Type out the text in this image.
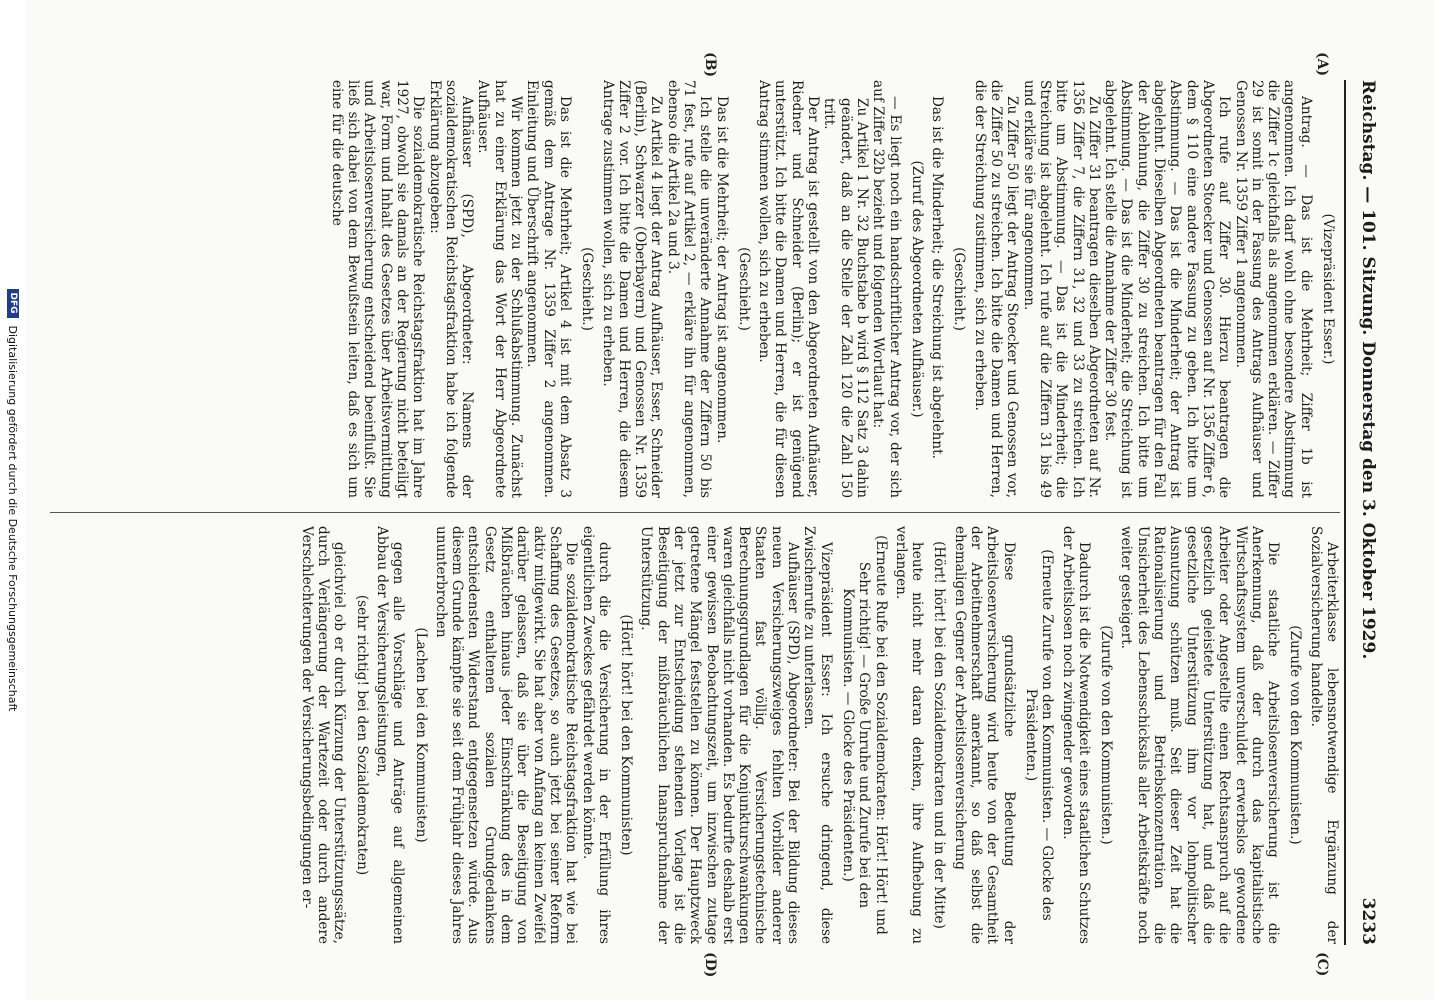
Reichstag. — 101. Sitzung. Donnerstag den 3. Oktober 1929.
3233
(A)
(B)
(C)
(D)

(Vizepräsident Esser.)

Antrag. — Das ist die Mehrheit; Ziffer 1b ist angenommen. Ich darf wohl ohne besondere Abstimmung die Ziffer 1c gleichfalls als angenommen erklären. — Ziffer 29 ist somit in der Fassung des Antrags Aufhäuser und Genossen Nr. 1359 Ziffer 1 angenommen.

Ich rufe auf Ziffer 30. Hierzu beantragen die Abgeordneten Stoecker und Genossen auf Nr. 1356 Ziffer 6, dem § 110 eine andere Fassung zu geben. Ich bitte um Abstimmung. — Das ist die Minderheit; der Antrag ist abgelehnt. Dieselben Abgeordneten beantragen für den Fall der Ablehnung, die Ziffer 30 zu streichen. Ich bitte um Abstimmung. — Das ist die Minderheit; die Streichung ist abgelehnt. Ich stelle die Annahme der Ziffer 30 fest.

Zu Ziffer 31 beantragen dieselben Abgeordneten auf Nr. 1356 Ziffer 7, die Ziffern 31, 32 und 33 zu streichen. Ich bitte um Abstimmung. — Das ist die Minderheit; die Streichung ist abgelehnt. Ich rufe auf die Ziffern 31 bis 49 und erkläre sie für angenommen.

Zu Ziffer 50 liegt der Antrag Stoecker und Genossen vor, die Ziffer 50 zu streichen. Ich bitte die Damen und Herren, die der Streichung zustimmen, sich zu erheben.

(Geschieht.)

Das ist die Minderheit; die Streichung ist abgelehnt.

(Zuruf des Abgeordneten Aufhäuser.)

— Es liegt noch ein handschriftlicher Antrag vor, der sich auf Ziffer 32b bezieht und folgenden Wortlaut hat:

Zu Artikel 1 Nr. 32 Buchstabe b wird § 112 Satz 3 dahin geändert, daß an die Stelle der Zahl 120 die Zahl 150 tritt.

Der Antrag ist gestellt von den Abgeordneten Aufhäuser, Riedner und Schneider (Berlin); er ist genügend unterstützt. Ich bitte die Damen und Herren, die für diesen Antrag stimmen wollen, sich zu erheben.

(Geschieht.)

Das ist die Mehrheit; der Antrag ist angenommen.

Ich stelle die unveränderte Annahme der Ziffern 50 bis 71 fest, rufe auf Artikel 2, — erkläre ihn für angenommen, ebenso die Artikel 2a und 3.

Zu Artikel 4 liegt der Antrag Aufhäuser, Esser, Schneider (Berlin), Schwarzer (Oberbayern) und Genossen Nr. 1359 Ziffer 2 vor. Ich bitte die Damen und Herren, die diesem Antrage zustimmen wollen, sich zu erheben.

(Geschieht.)

Das ist die Mehrheit; Artikel 4 ist mit dem Absatz 3 gemäß dem Antrage Nr. 1359 Ziffer 2 angenommen. Einleitung und Überschrift angenommen.

Wir kommen jetzt zu der Schlußabstimmung. Zunächst hat zu einer Erklärung das Wort der Herr Abgeordnete Aufhäuser.

Aufhäuser (SPD), Abgeordneter: Namens der sozialdemokratischen Reichstagsfraktion habe ich folgende Erklärung abzugeben:

Die sozialdemokratische Reichstagsfraktion hat im Jahre 1927, obwohl sie damals an der Regierung nicht beteiligt war, Form und Inhalt des Gesetzes über Arbeitsvermittlung und Arbeitslosenversicherung entscheidend beeinflußt. Sie ließ sich dabei von dem Bewußtsein leiten, daß es sich um eine für die deutsche

Arbeiterklasse lebensnotwendige Ergänzung der Sozialversicherung handelte.

(Zurufe von den Kommunisten.)

Die staatliche Arbeitslosenversicherung ist die Anerkennung, daß der durch das kapitalistische Wirtschaftssystem unverschuldet erwerbslos gewordene Arbeiter oder Angestellte einen Rechtsanspruch auf die gesetzlich geleistete Unterstützung hat, und daß die gesetzliche Unterstützung ihm vor lohnpolitischer Ausnutzung schützen muß. Seit dieser Zeit hat die Rationalisierung und Betriebskonzentration die Unsicherheit des Lebensschicksals aller Arbeitskräfte noch weiter gesteigert.

(Zurufe von den Kommunisten.)

Dadurch ist die Notwendigkeit eines staatlichen Schutzes der Arbeitslosen noch zwingender geworden.

(Erneute Zurufe von den Kommunisten. — Glocke des Präsidenten.)

Diese grundsätzliche Bedeutung der Arbeitslosenversicherung wird heute von der Gesamtheit der Arbeitnehmerschaft anerkannt, so daß selbst die ehemaligen Gegner der Arbeitslosenversicherung

(Hört! hört! bei den Sozialdemokraten und in der Mitte)

heute nicht mehr daran denken, ihre Aufhebung zu verlangen.

(Erneute Rufe bei den Sozialdemokraten: Hört! Hört! und Sehr richtig! — Große Unruhe und Zurufe bei den Kommunisten. — Glocke des Präsidenten.)

Vizepräsident Esser: Ich ersuche dringend, diese Zwischenrufe zu unterlassen.

Aufhäuser (SPD), Abgeordneter: Bei der Bildung dieses neuen Versicherungszweiges fehlten Vorbilder anderer Staaten fast völlig. Versicherungstechnische Berechnungsgrundlagen für die Konjunkturschwankungen waren gleichfalls nicht vorhanden. Es bedurfte deshalb erst einer gewissen Beobachtungszeit, um inzwischen zutage getretene Mängel feststellen zu können. Der Hauptzweck der jetzt zur Entscheidung stehenden Vorlage ist die Beseitigung der mißbräuchlichen Inanspruchnahme der Unterstützung.

(Hört! hört! bei den Kommunisten)

durch die die Versicherung in der Erfüllung ihres eigentlichen Zweckes gefährdet werden könnte.

Die sozialdemokratische Reichstagsfraktion hat wie bei Schaffung des Gesetzes, so auch jetzt bei seiner Reform aktiv mitgewirkt. Sie hat aber von Anfang an keinen Zweifel darüber gelassen, daß sie über die Beseitigung von Mißbräuchen hinaus jeder Einschränkung des in dem Gesetz enthaltenen sozialen Grundgedankens entschiedensten Widerstand entgegensetzen würde. Aus diesem Grunde kämpfte sie seit dem Frühjahr dieses Jahres ununterbrochen

(Lachen bei den Kommunisten)

gegen alle Vorschläge und Anträge auf allgemeinen Abbau der Versicherungsleistungen,

(sehr richtig! bei den Sozialdemokraten)

gleichviel ob er durch Kürzung der Unterstützungssätze, durch Verlängerung der Wartezeit oder durch andere Verschlechterungen der Versicherungsbedingungen er-

DFG
Digitalisierung gefördert durch die Deutsche Forschungsgemeinschaft
